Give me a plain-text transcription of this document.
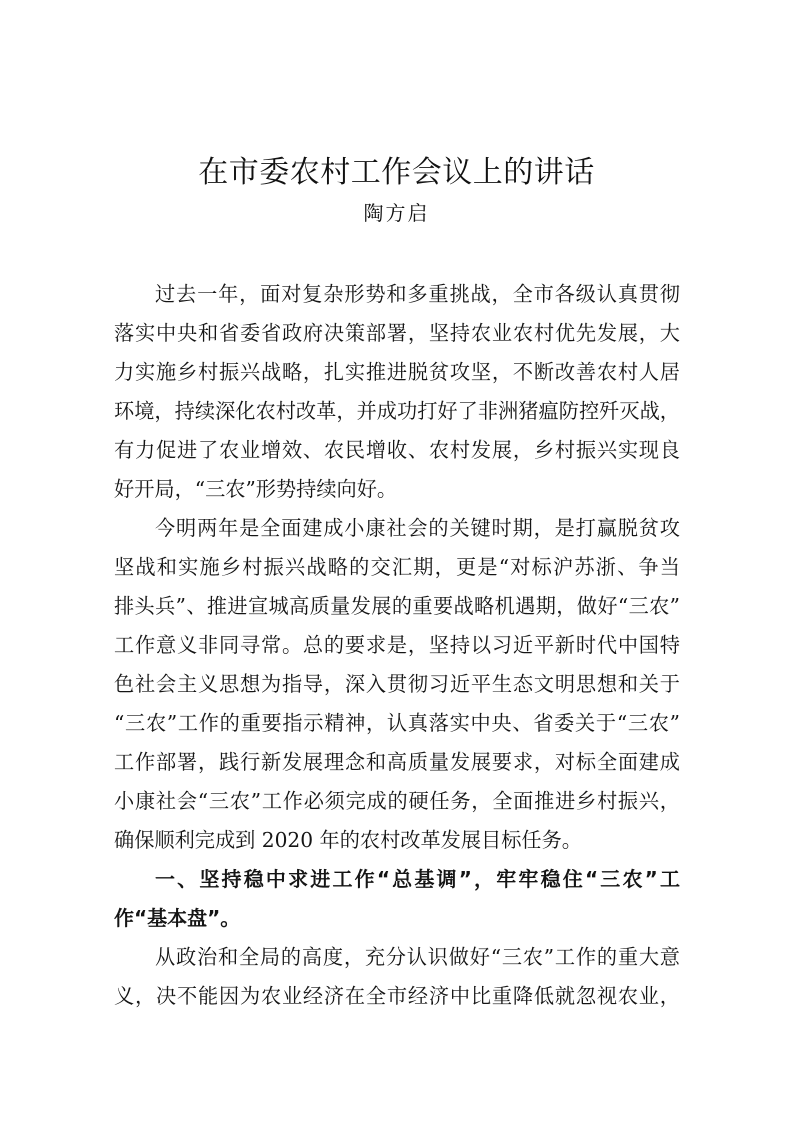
在市委农村工作会议上的讲话
陶方启
过去一年，面对复杂形势和多重挑战，全市各级认真贯彻
落实中央和省委省政府决策部署，坚持农业农村优先发展，大
力实施乡村振兴战略，扎实推进脱贫攻坚，不断改善农村人居
环境，持续深化农村改革，并成功打好了非洲猪瘟防控歼灭战，
有力促进了农业增效、农民增收、农村发展，乡村振兴实现良
好开局，“三农”形势持续向好。
今明两年是全面建成小康社会的关键时期，是打赢脱贫攻
坚战和实施乡村振兴战略的交汇期，更是“对标沪苏浙、争当
排头兵”、推进宣城高质量发展的重要战略机遇期，做好“三农”
工作意义非同寻常。总的要求是，坚持以习近平新时代中国特
色社会主义思想为指导，深入贯彻习近平生态文明思想和关于
“三农”工作的重要指示精神，认真落实中央、省委关于“三农”
工作部署，践行新发展理念和高质量发展要求，对标全面建成
小康社会“三农”工作必须完成的硬任务，全面推进乡村振兴，
确保顺利完成到 2020 年的农村改革发展目标任务。
一、坚持稳中求进工作“总基调”，牢牢稳住“三农”工
作“基本盘”。
从政治和全局的高度，充分认识做好“三农”工作的重大意
义，决不能因为农业经济在全市经济中比重降低就忽视农业，
